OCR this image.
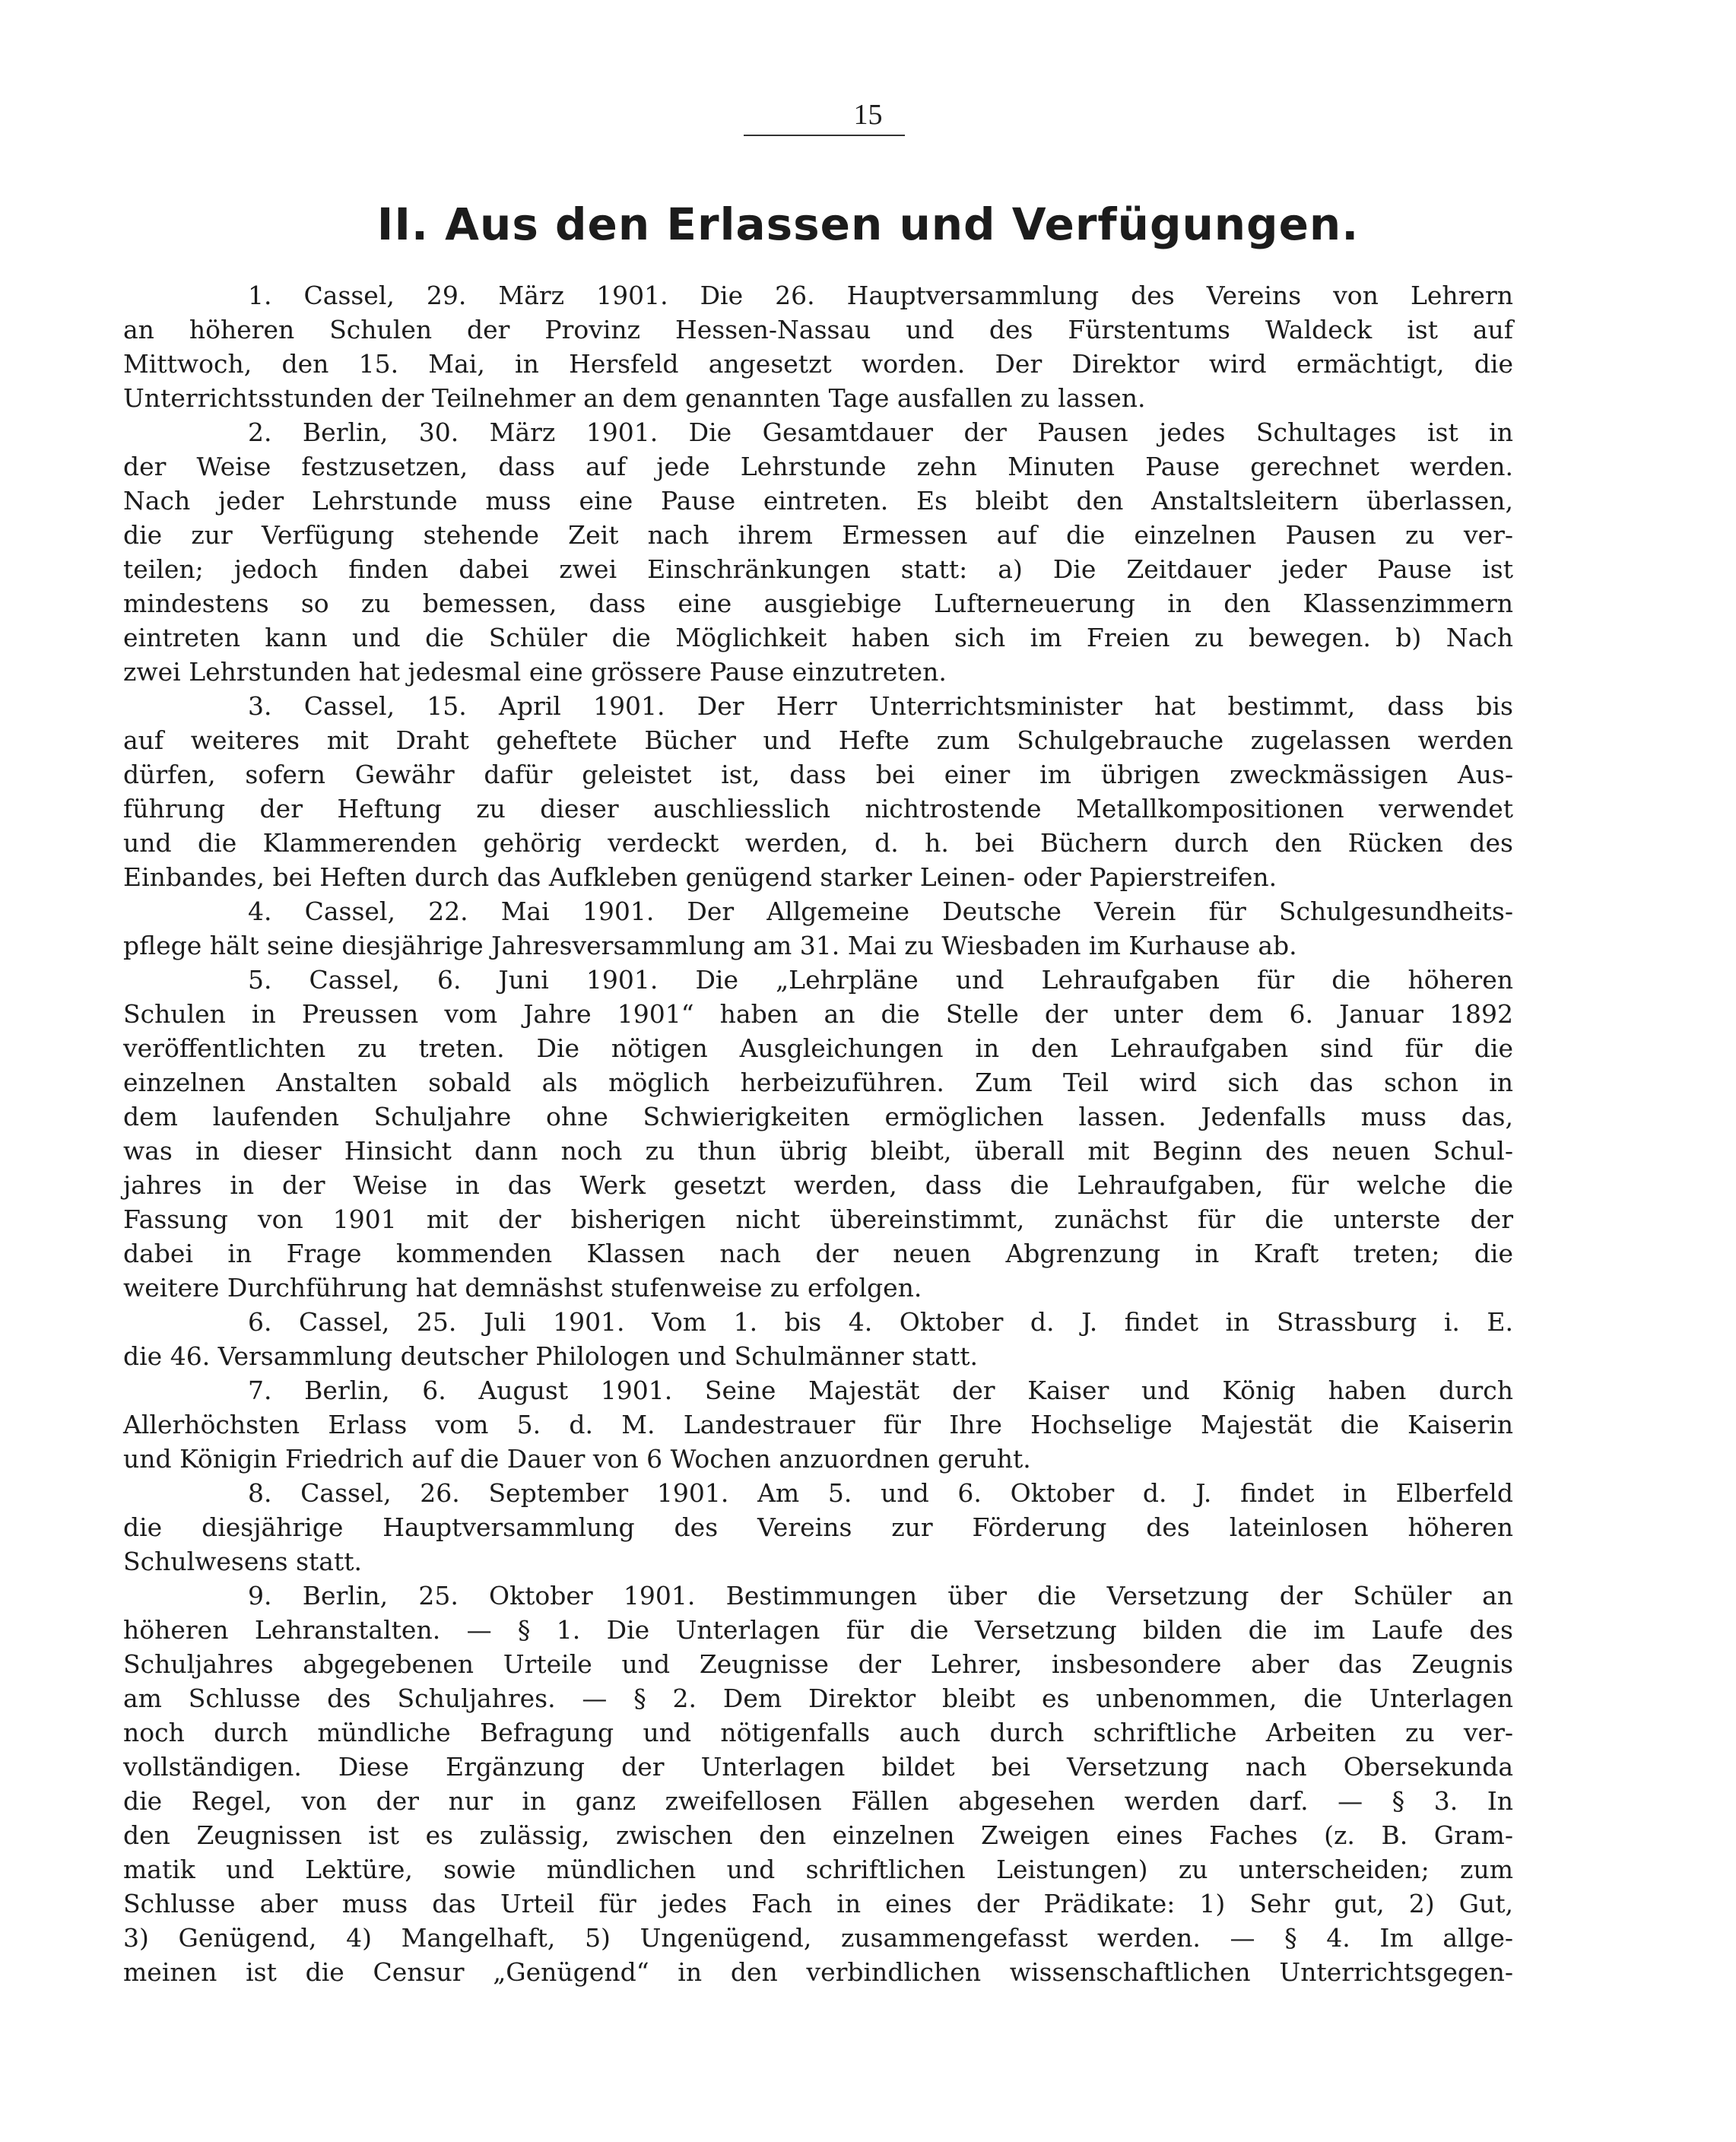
15
II. Aus den Erlassen und Verfügungen.
1. Cassel, 29. März 1901. Die 26. Hauptversammlung des Vereins von Lehrern
an höheren Schulen der Provinz Hessen-Nassau und des Fürstentums Waldeck ist auf
Mittwoch, den 15. Mai, in Hersfeld angesetzt worden. Der Direktor wird ermächtigt, die
Unterrichtsstunden der Teilnehmer an dem genannten Tage ausfallen zu lassen.
2. Berlin, 30. März 1901. Die Gesamtdauer der Pausen jedes Schultages ist in
der Weise festzusetzen, dass auf jede Lehrstunde zehn Minuten Pause gerechnet werden.
Nach jeder Lehrstunde muss eine Pause eintreten. Es bleibt den Anstaltsleitern überlassen,
die zur Verfügung stehende Zeit nach ihrem Ermessen auf die einzelnen Pausen zu ver-
teilen; jedoch finden dabei zwei Einschränkungen statt: a) Die Zeitdauer jeder Pause ist
mindestens so zu bemessen, dass eine ausgiebige Lufterneuerung in den Klassenzimmern
eintreten kann und die Schüler die Möglichkeit haben sich im Freien zu bewegen. b) Nach
zwei Lehrstunden hat jedesmal eine grössere Pause einzutreten.
3. Cassel, 15. April 1901. Der Herr Unterrichtsminister hat bestimmt, dass bis
auf weiteres mit Draht geheftete Bücher und Hefte zum Schulgebrauche zugelassen werden
dürfen, sofern Gewähr dafür geleistet ist, dass bei einer im übrigen zweckmässigen Aus-
führung der Heftung zu dieser auschliesslich nichtrostende Metallkompositionen verwendet
und die Klammerenden gehörig verdeckt werden, d. h. bei Büchern durch den Rücken des
Einbandes, bei Heften durch das Aufkleben genügend starker Leinen- oder Papierstreifen.
4. Cassel, 22. Mai 1901. Der Allgemeine Deutsche Verein für Schulgesundheits-
pflege hält seine diesjährige Jahresversammlung am 31. Mai zu Wiesbaden im Kurhause ab.
5. Cassel, 6. Juni 1901. Die „Lehrpläne und Lehraufgaben für die höheren
Schulen in Preussen vom Jahre 1901“ haben an die Stelle der unter dem 6. Januar 1892
veröffentlichten zu treten. Die nötigen Ausgleichungen in den Lehraufgaben sind für die
einzelnen Anstalten sobald als möglich herbeizuführen. Zum Teil wird sich das schon in
dem laufenden Schuljahre ohne Schwierigkeiten ermöglichen lassen. Jedenfalls muss das,
was in dieser Hinsicht dann noch zu thun übrig bleibt, überall mit Beginn des neuen Schul-
jahres in der Weise in das Werk gesetzt werden, dass die Lehraufgaben, für welche die
Fassung von 1901 mit der bisherigen nicht übereinstimmt, zunächst für die unterste der
dabei in Frage kommenden Klassen nach der neuen Abgrenzung in Kraft treten; die
weitere Durchführung hat demnäshst stufenweise zu erfolgen.
6. Cassel, 25. Juli 1901. Vom 1. bis 4. Oktober d. J. findet in Strassburg i. E.
die 46. Versammlung deutscher Philologen und Schulmänner statt.
7. Berlin, 6. August 1901. Seine Majestät der Kaiser und König haben durch
Allerhöchsten Erlass vom 5. d. M. Landestrauer für Ihre Hochselige Majestät die Kaiserin
und Königin Friedrich auf die Dauer von 6 Wochen anzuordnen geruht.
8. Cassel, 26. September 1901. Am 5. und 6. Oktober d. J. findet in Elberfeld
die diesjährige Hauptversammlung des Vereins zur Förderung des lateinlosen höheren
Schulwesens statt.
9. Berlin, 25. Oktober 1901. Bestimmungen über die Versetzung der Schüler an
höheren Lehranstalten. — § 1. Die Unterlagen für die Versetzung bilden die im Laufe des
Schuljahres abgegebenen Urteile und Zeugnisse der Lehrer, insbesondere aber das Zeugnis
am Schlusse des Schuljahres. — § 2. Dem Direktor bleibt es unbenommen, die Unterlagen
noch durch mündliche Befragung und nötigenfalls auch durch schriftliche Arbeiten zu ver-
vollständigen. Diese Ergänzung der Unterlagen bildet bei Versetzung nach Obersekunda
die Regel, von der nur in ganz zweifellosen Fällen abgesehen werden darf. — § 3. In
den Zeugnissen ist es zulässig, zwischen den einzelnen Zweigen eines Faches (z. B. Gram-
matik und Lektüre, sowie mündlichen und schriftlichen Leistungen) zu unterscheiden; zum
Schlusse aber muss das Urteil für jedes Fach in eines der Prädikate: 1) Sehr gut, 2) Gut,
3) Genügend, 4) Mangelhaft, 5) Ungenügend, zusammengefasst werden. — § 4. Im allge-
meinen ist die Censur „Genügend“ in den verbindlichen wissenschaftlichen Unterrichtsgegen-
